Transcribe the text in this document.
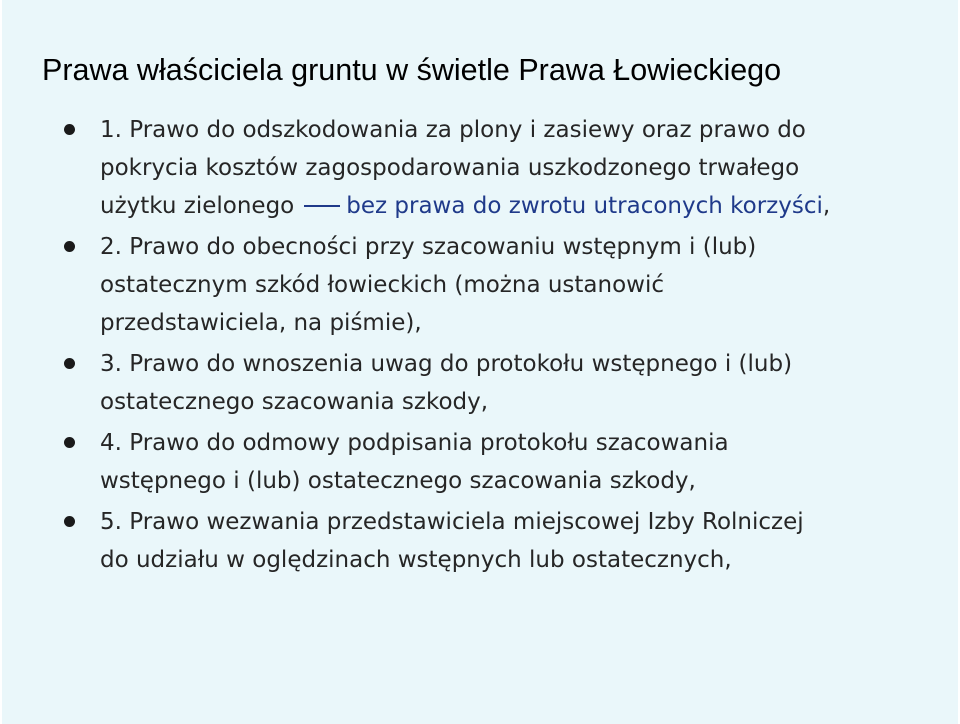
Prawa właściciela gruntu w świetle Prawa Łowieckiego
1. Prawo do odszkodowania za plony i zasiewy oraz prawo do
pokrycia kosztów zagospodarowania uszkodzonego trwałego
użytku zielonego bez prawa do zwrotu utraconych korzyści,
2. Prawo do obecności przy szacowaniu wstępnym i (lub)
ostatecznym szkód łowieckich (można ustanowić
przedstawiciela, na piśmie),
3. Prawo do wnoszenia uwag do protokołu wstępnego i (lub)
ostatecznego szacowania szkody,
4. Prawo do odmowy podpisania protokołu szacowania
wstępnego i (lub) ostatecznego szacowania szkody,
5. Prawo wezwania przedstawiciela miejscowej Izby Rolniczej
do udziału w oględzinach wstępnych lub ostatecznych,
